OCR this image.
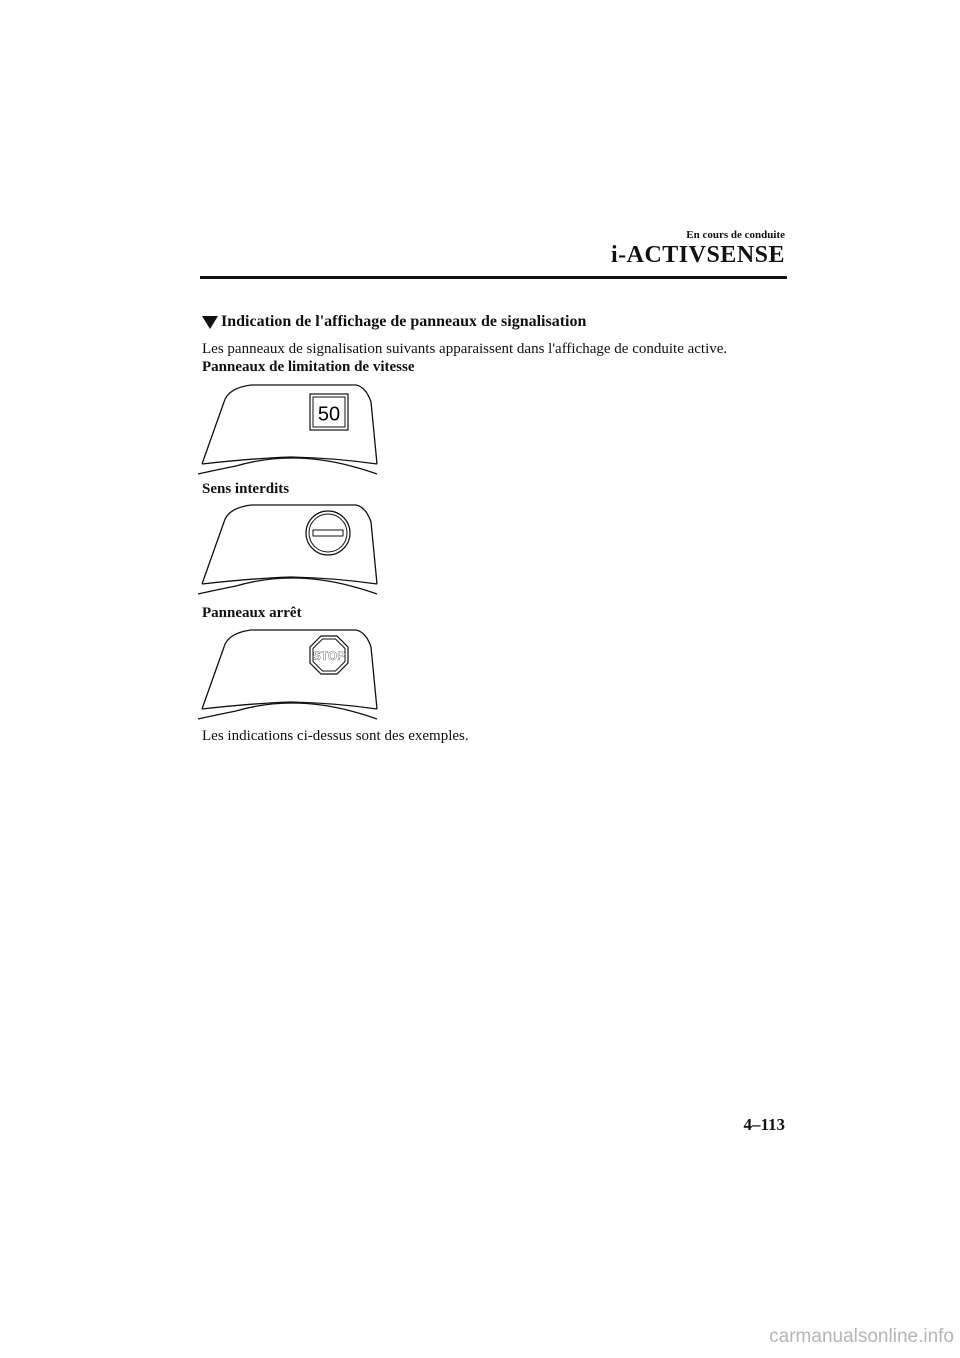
En cours de conduite
i-ACTIVSENSE
Indication de l'affichage de panneaux de signalisation
Les panneaux de signalisation suivants apparaissent dans l'affichage de conduite active.
Panneaux de limitation de vitesse
50
Sens interdits
Panneaux arrêt
STOP
Les indications ci-dessus sont des exemples.
4–113
carmanualsonline.info
